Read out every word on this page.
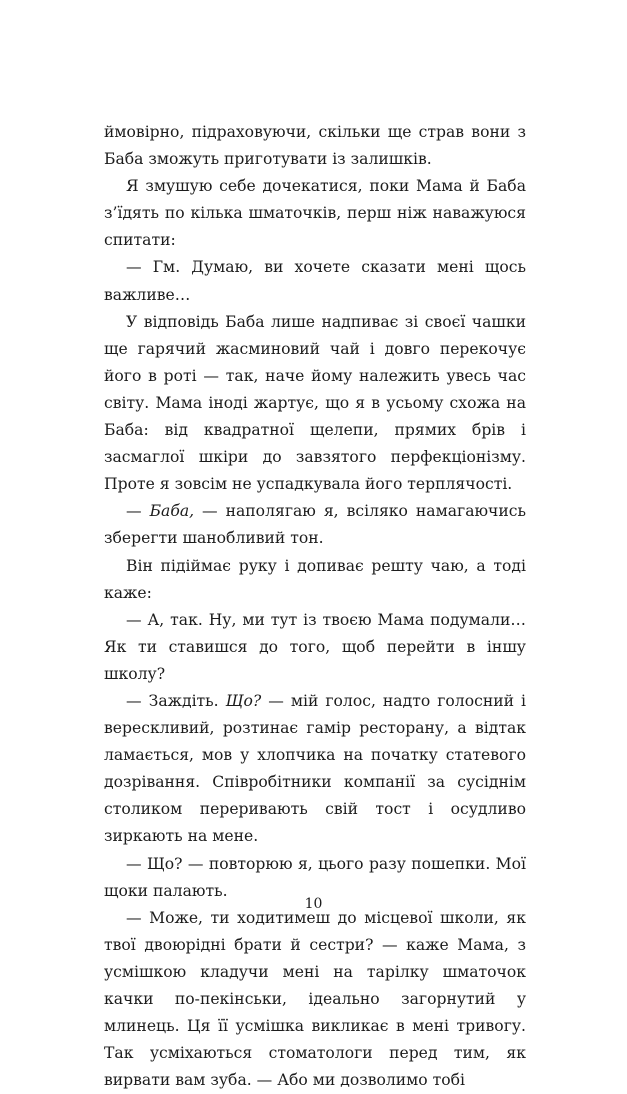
ймовірно, підраховуючи, скільки ще страв вони з Баба зможуть приготувати із залишків.

Я змушую себе дочекатися, поки Мама й Баба з’їдять по кілька шматочків, перш ніж наважуюся спитати:

— Гм. Думаю, ви хочете сказати мені щось важливе…

У відповідь Баба лише надпиває зі своєї чашки ще гарячий жасминовий чай і довго перекочує його в роті — так, наче йому належить увесь час світу. Мама іноді жартує, що я в усьому схожа на Баба: від квадратної щелепи, прямих брів і засмаглої шкіри до завзятого перфекціонізму. Проте я зовсім не успадкувала його терплячості.

— Баба, — наполягаю я, всіляко намагаючись зберегти шанобливий тон.

Він підіймає руку і допиває решту чаю, а тоді каже:

— А, так. Ну, ми тут із твоєю Мама подумали… Як ти ставишся до того, щоб перейти в іншу школу?

— Заждіть. Що? — мій голос, надто голосний і верескливий, розтинає гамір ресторану, а відтак ламається, мов у хлопчика на початку статевого дозрівання. Співробітники компанії за сусіднім столиком переривають свій тост і осудливо зиркають на мене.

— Що? — повторюю я, цього разу пошепки. Мої щоки палають.

— Може, ти ходитимеш до місцевої школи, як твої двоюрідні брати й сестри? — каже Мама, з усмішкою кладучи мені на тарілку шматочок качки по-пекінськи, ідеально загорнутий у млинець. Ця її усмішка викликає в мені тривогу. Так усміхаються стоматологи перед тим, як вирвати вам зуба. — Або ми дозволимо тобі

10
